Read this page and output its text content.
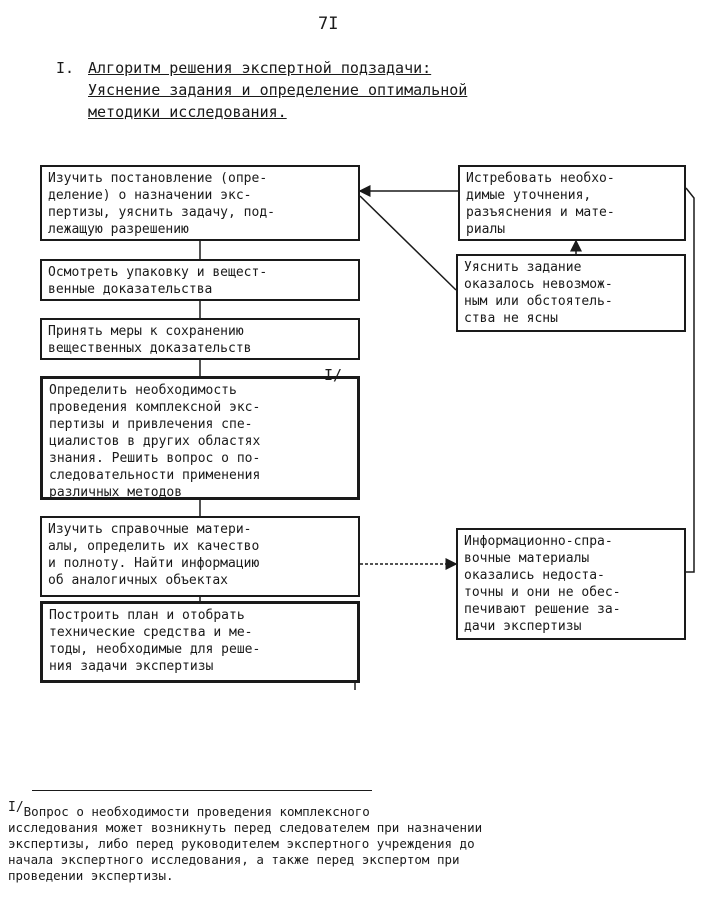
7I
I. Алгоритм решения экспертной подзадачи:
Уяснение задания и определение оптимальной
методики исследования.
Изучить постановление (опре-
деление) о назначении экс-
пертизы, уяснить задачу, под-
лежащую разрешению
Осмотреть упаковку и вещест-
венные доказательства
Принять меры к сохранению
вещественных доказательств
Определить необходимость
проведения комплексной экс-
пертизы и привлечения спе-
циалистов в других областях
знания. Решить вопрос о по-
следовательности применения
различных методов
Изучить справочные матери-
алы, определить их качество
и полноту. Найти информацию
об аналогичных объектах
Построить план и отобрать
технические средства и ме-
тоды, необходимые для реше-
ния задачи экспертизы
Истребовать необхо-
димые уточнения,
разъяснения и мате-
риалы
Уяснить задание
оказалось невозмож-
ным или обстоятель-
ства не ясны
Информационно-спра-
вочные материалы
оказались недоста-
точны и они не обес-
печивают решение за-
дачи экспертизы
I/
$^{I/}$Вопрос о необходимости проведения комплексного
исследования может возникнуть перед следователем при назначении
экспертизы, либо перед руководителем экспертного учреждения до
начала экспертного исследования, а также перед экспертом при
проведении экспертизы.
